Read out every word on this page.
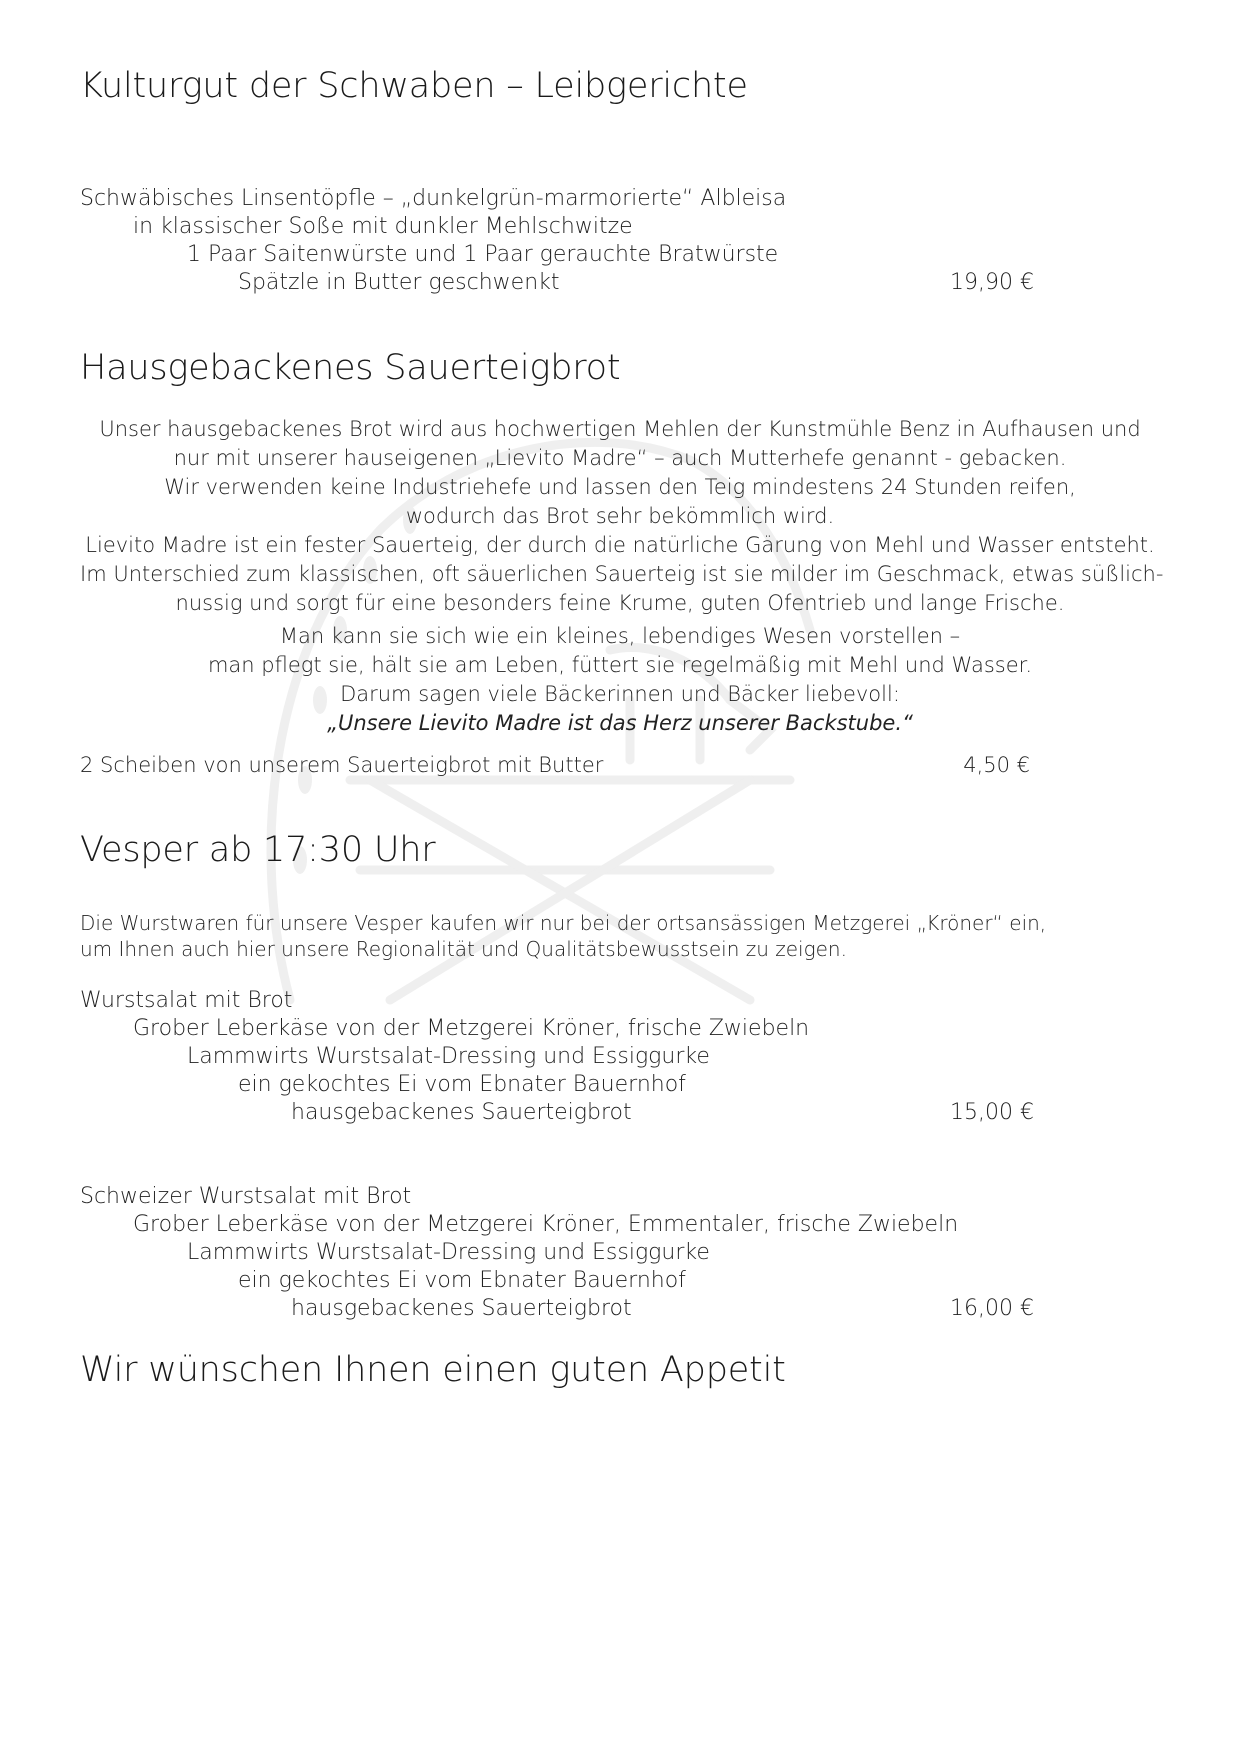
Kulturgut der Schwaben – Leibgerichte
Schwäbisches Linsentöpfle – „dunkelgrün-marmorierte“ Albleisa
in klassischer Soße mit dunkler Mehlschwitze
1 Paar Saitenwürste und 1 Paar gerauchte Bratwürste
Spätzle in Butter geschwenkt	19,90 €
Hausgebackenes Sauerteigbrot
Unser hausgebackenes Brot wird aus hochwertigen Mehlen der Kunstmühle Benz in Aufhausen und
nur mit unserer hauseigenen „Lievito Madre“ – auch Mutterhefe genannt - gebacken.
Wir verwenden keine Industriehefe und lassen den Teig mindestens 24 Stunden reifen,
wodurch das Brot sehr bekömmlich wird.
Lievito Madre ist ein fester Sauerteig, der durch die natürliche Gärung von Mehl und Wasser entsteht.
Im Unterschied zum klassischen, oft säuerlichen Sauerteig ist sie milder im Geschmack, etwas süßlich-
nussig und sorgt für eine besonders feine Krume, guten Ofentrieb und lange Frische.
Man kann sie sich wie ein kleines, lebendiges Wesen vorstellen –
man pflegt sie, hält sie am Leben, füttert sie regelmäßig mit Mehl und Wasser.
Darum sagen viele Bäckerinnen und Bäcker liebevoll:
„Unsere Lievito Madre ist das Herz unserer Backstube.“
2 Scheiben von unserem Sauerteigbrot mit Butter	4,50 €
Vesper ab 17:30 Uhr
Die Wurstwaren für unsere Vesper kaufen wir nur bei der ortsansässigen Metzgerei „Kröner“ ein,
um Ihnen auch hier unsere Regionalität und Qualitätsbewusstsein zu zeigen.
Wurstsalat mit Brot
Grober Leberkäse von der Metzgerei Kröner, frische Zwiebeln
Lammwirts Wurstsalat-Dressing und Essiggurke
ein gekochtes Ei vom Ebnater Bauernhof
hausgebackenes Sauerteigbrot	15,00 €
Schweizer Wurstsalat mit Brot
Grober Leberkäse von der Metzgerei Kröner, Emmentaler, frische Zwiebeln
Lammwirts Wurstsalat-Dressing und Essiggurke
ein gekochtes Ei vom Ebnater Bauernhof
hausgebackenes Sauerteigbrot	16,00 €
Wir wünschen Ihnen einen guten Appetit
